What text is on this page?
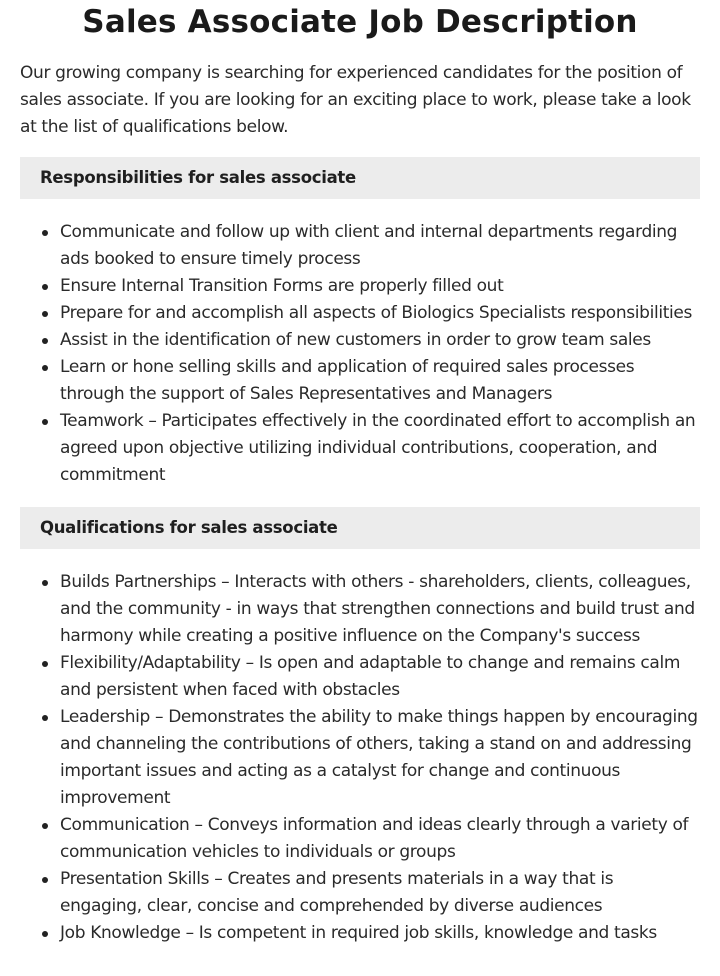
Sales Associate Job Description

Our growing company is searching for experienced candidates for the position of sales associate. If you are looking for an exciting place to work, please take a look at the list of qualifications below.

Responsibilities for sales associate
Communicate and follow up with client and internal departments regarding ads booked to ensure timely process
Ensure Internal Transition Forms are properly filled out
Prepare for and accomplish all aspects of Biologics Specialists responsibilities
Assist in the identification of new customers in order to grow team sales
Learn or hone selling skills and application of required sales processes through the support of Sales Representatives and Managers
Teamwork – Participates effectively in the coordinated effort to accomplish an agreed upon objective utilizing individual contributions, cooperation, and commitment
Qualifications for sales associate
Builds Partnerships – Interacts with others - shareholders, clients, colleagues, and the community - in ways that strengthen connections and build trust and harmony while creating a positive influence on the Company's success
Flexibility/Adaptability – Is open and adaptable to change and remains calm and persistent when faced with obstacles
Leadership – Demonstrates the ability to make things happen by encouraging and channeling the contributions of others, taking a stand on and addressing important issues and acting as a catalyst for change and continuous improvement
Communication – Conveys information and ideas clearly through a variety of communication vehicles to individuals or groups
Presentation Skills – Creates and presents materials in a way that is engaging, clear, concise and comprehended by diverse audiences
Job Knowledge – Is competent in required job skills, knowledge and tasks
